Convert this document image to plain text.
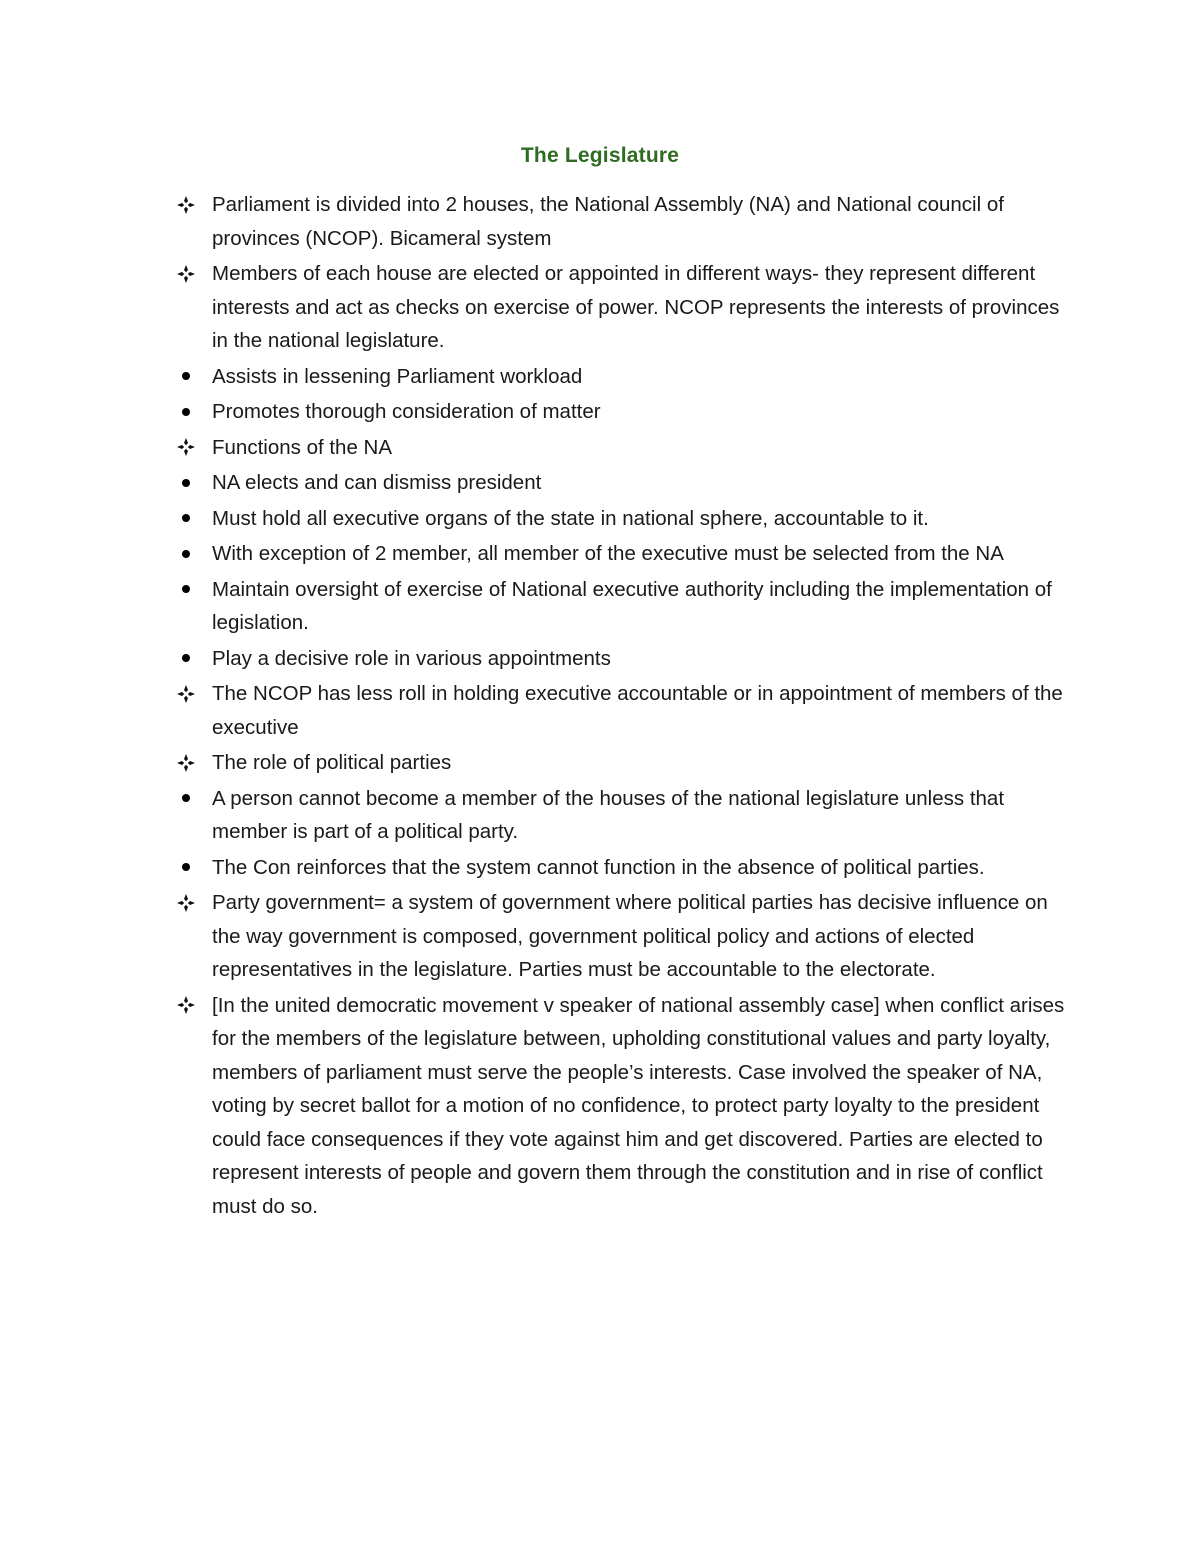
The Legislature
Parliament is divided into 2 houses, the National Assembly (NA) and National council of provinces (NCOP). Bicameral system
Members of each house are elected or appointed in different ways- they represent different interests and act as checks on exercise of power. NCOP represents the interests of provinces in the national legislature.
Assists in lessening Parliament workload
Promotes thorough consideration of matter
Functions of the NA
NA elects and can dismiss president
Must hold all executive organs of the state in national sphere, accountable to it.
With exception of 2 member, all member of the executive must be selected from the NA
Maintain oversight of exercise of National executive authority including the implementation of legislation.
Play a decisive role in various appointments
The NCOP has less roll in holding executive accountable or in appointment of members of the executive
The role of political parties
A person cannot become a member of the houses of the national legislature unless that member is part of a political party.
The Con reinforces that the system cannot function in the absence of political parties.
Party government= a system of government where political parties has decisive influence on the way government is composed, government political policy and actions of elected representatives in the legislature. Parties must be accountable to the electorate.
[In the united democratic movement v speaker of national assembly case] when conflict arises for the members of the legislature between, upholding constitutional values and party loyalty, members of parliament must serve the people’s interests. Case involved the speaker of NA, voting by secret ballot for a motion of no confidence, to protect party loyalty to the president could face consequences if they vote against him and get discovered. Parties are elected to represent interests of people and govern them through the constitution and in rise of conflict must do so.
